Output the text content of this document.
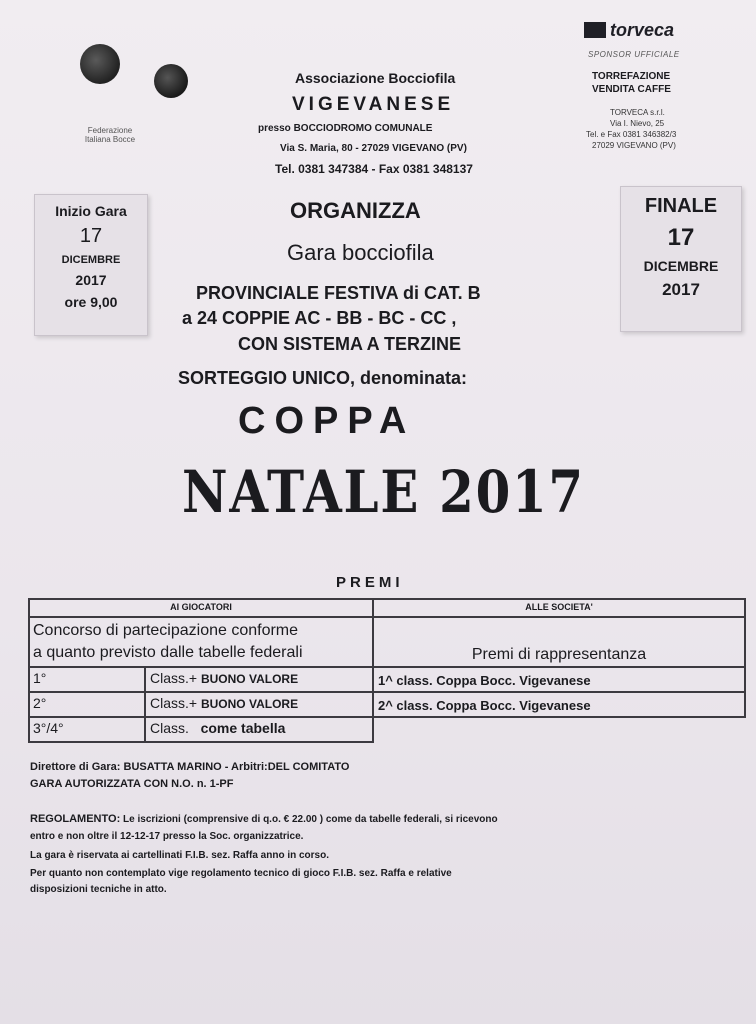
Federazione
Italiana Bocce
Associazione Bocciofila
VIGEVANESE
presso BOCCIODROMO COMUNALE
Via S. Maria, 80 - 27029 VIGEVANO (PV)
Tel. 0381 347384 - Fax 0381 348137
torveca
SPONSOR UFFICIALE
TORREFAZIONE
VENDITA CAFFE
TORVECA s.r.l.
Via I. Nievo, 25
Tel. e Fax 0381 346382/3
27029 VIGEVANO (PV)
Inizio Gara
17
DICEMBRE
2017
ore 9,00
FINALE
17
DICEMBRE
2017
ORGANIZZA
Gara bocciofila
PROVINCIALE FESTIVA di CAT. B
a 24 COPPIE AC - BB - BC - CC ,
CON SISTEMA A TERZINE
SORTEGGIO UNICO, denominata:
COPPA
NATALE 2017
PREMI
AI GIOCATORI	ALLE SOCIETA'
Concorso di partecipazione conforme
a quanto previsto dalle tabelle federali	Premi di rappresentanza
1°	Class.+ BUONO VALORE	1^ class. Coppa Bocc. Vigevanese
2°	Class.+ BUONO VALORE	2^ class. Coppa Bocc. Vigevanese
3°/4°	Class.   come tabella
Direttore di Gara: BUSATTA MARINO - Arbitri:DEL COMITATO
GARA AUTORIZZATA CON N.O. n. 1-PF
REGOLAMENTO: Le iscrizioni (comprensive di q.o. € 22.00 ) come da tabelle federali, si ricevono
entro e non oltre il 12-12-17 presso la Soc. organizzatrice.
La gara è riservata ai cartellinati F.I.B. sez. Raffa anno in corso.
Per quanto non contemplato vige regolamento tecnico di gioco F.I.B. sez. Raffa e relative
disposizioni tecniche in atto.
